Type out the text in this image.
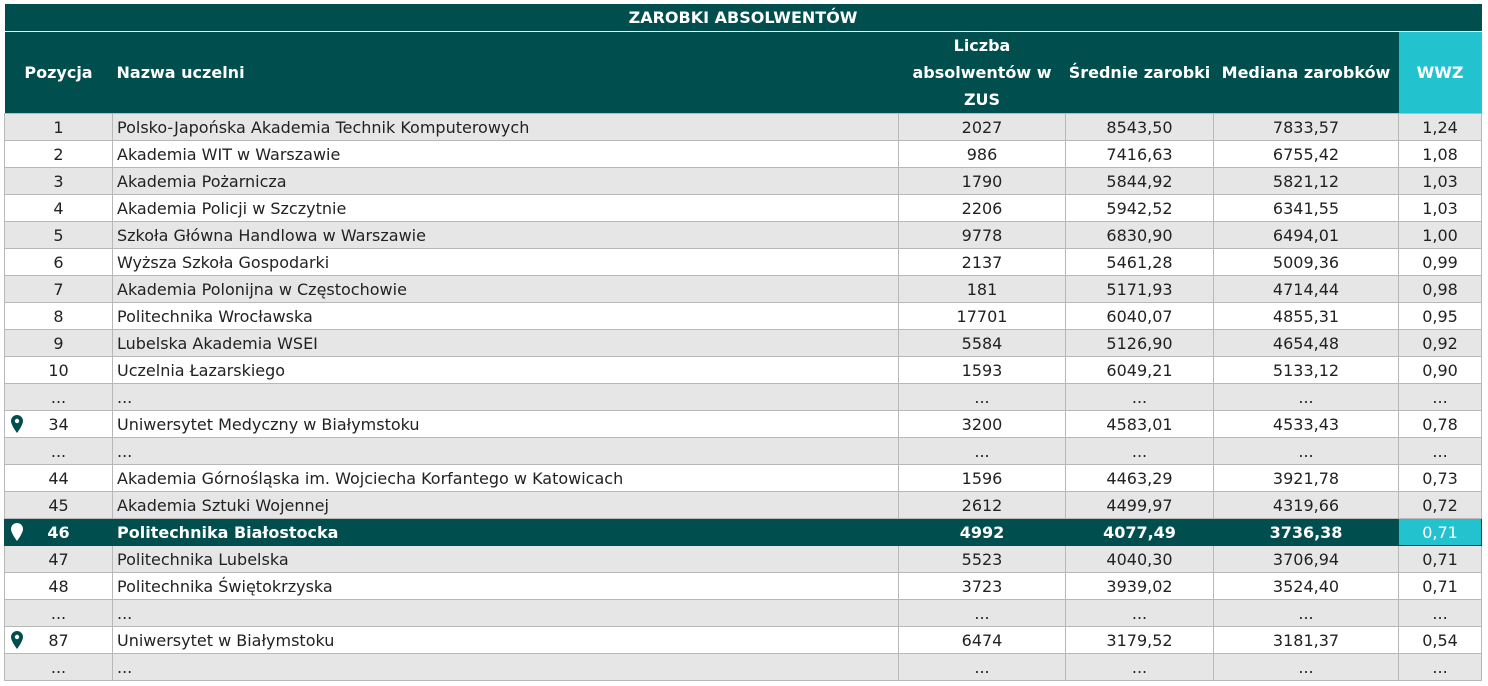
ZAROBKI ABSOLWENTÓW					
Pozycja	Nazwa uczelni	Liczba absolwentów w ZUS	Średnie zarobki	Mediana zarobków	WWZ
1	Polsko-Japońska Akademia Technik Komputerowych	2027	8543,50	7833,57	1,24
2	Akademia WIT w Warszawie	986	7416,63	6755,42	1,08
3	Akademia Pożarnicza	1790	5844,92	5821,12	1,03
4	Akademia Policji w Szczytnie	2206	5942,52	6341,55	1,03
5	Szkoła Główna Handlowa w Warszawie	9778	6830,90	6494,01	1,00
6	Wyższa Szkoła Gospodarki	2137	5461,28	5009,36	0,99
7	Akademia Polonijna w Częstochowie	181	5171,93	4714,44	0,98
8	Politechnika Wrocławska	17701	6040,07	4855,31	0,95
9	Lubelska Akademia WSEI	5584	5126,90	4654,48	0,92
10	Uczelnia Łazarskiego	1593	6049,21	5133,12	0,90
...	...	...	...	...	...

34	Uniwersytet Medyczny w Białymstoku	3200	4583,01	4533,43	0,78
...	...	...	...	...	...
44	Akademia Górnośląska im. Wojciecha Korfantego w Katowicach	1596	4463,29	3921,78	0,73
45	Akademia Sztuki Wojennej	2612	4499,97	4319,66	0,72

46	Politechnika Białostocka	4992	4077,49	3736,38	0,71
47	Politechnika Lubelska	5523	4040,30	3706,94	0,71
48	Politechnika Świętokrzyska	3723	3939,02	3524,40	0,71
...	...	...	...	...	...

87	Uniwersytet w Białymstoku	6474	3179,52	3181,37	0,54
...	...	...	...	...	...
